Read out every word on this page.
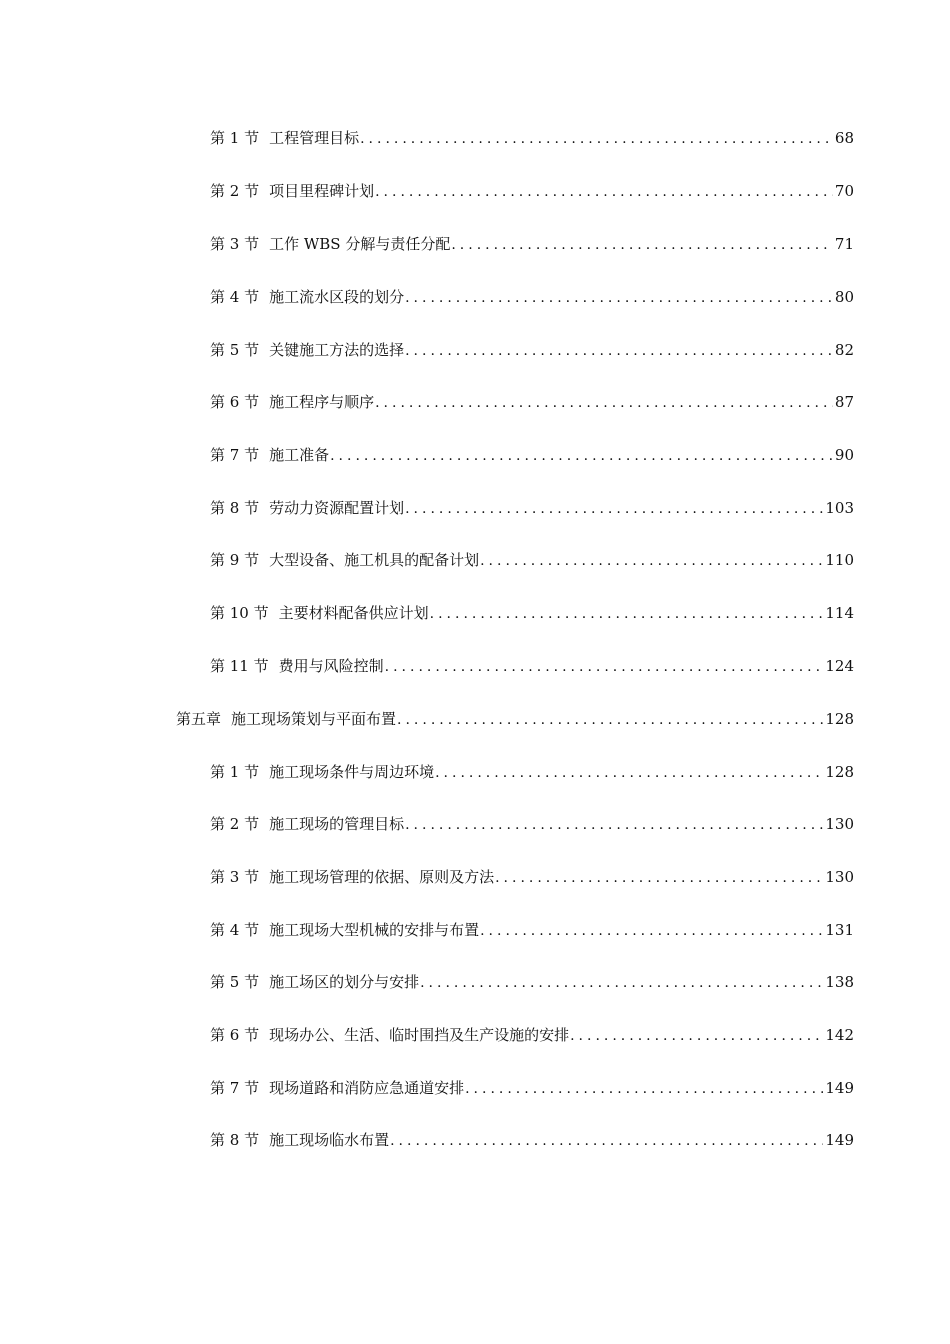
第 1 节 工程管理目标 .....	68
第 2 节 项目里程碑计划 .....	70
第 3 节 工作 WBS 分解与责任分配 .....	71
第 4 节 施工流水区段的划分 .....	80
第 5 节 关键施工方法的选择 .....	82
第 6 节 施工程序与顺序 .....	87
第 7 节 施工准备 .....	90
第 8 节 劳动力资源配置计划 .....	103
第 9 节 大型设备、施工机具的配备计划 .....	110
第 10 节 主要材料配备供应计划 .....	114
第 11 节 费用与风险控制 .....	124
第五章 施工现场策划与平面布置 .....	128
第 1 节 施工现场条件与周边环境 .....	128
第 2 节 施工现场的管理目标 .....	130
第 3 节 施工现场管理的依据、原则及方法 .....	130
第 4 节 施工现场大型机械的安排与布置 .....	131
第 5 节 施工场区的划分与安排 .....	138
第 6 节 现场办公、生活、临时围挡及生产设施的安排 .....	142
第 7 节 现场道路和消防应急通道安排 .....	149
第 8 节 施工现场临水布置 .....	149
